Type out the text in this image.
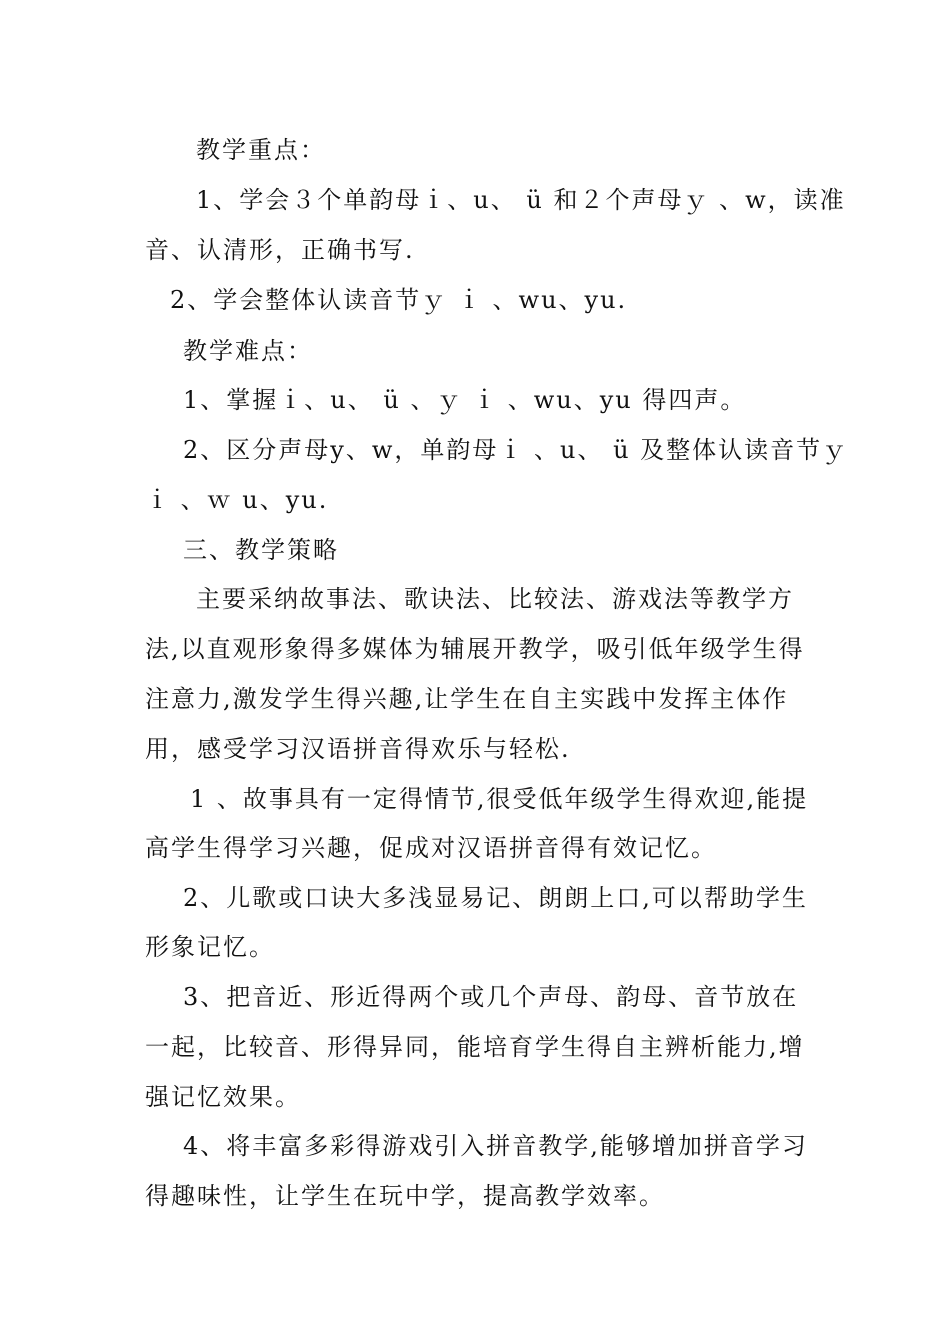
教学重点：
1、学会３个单韵母ｉ、u、 ü 和２个声母ｙ 、w，读准
音、认清形，正确书写.
2、学会整体认读音节ｙ ｉ 、wu、yu.
教学难点：
1、掌握ｉ、u、 ü 、ｙ ｉ 、wu、yu 得四声。
2、区分声母y、w，单韵母ｉ 、u、 ü 及整体认读音节ｙ
ｉ 、ｗ u、yu.
三、教学策略
主要采纳故事法、歌诀法、比较法、游戏法等教学方
法,以直观形象得多媒体为辅展开教学，吸引低年级学生得
注意力,激发学生得兴趣,让学生在自主实践中发挥主体作
用，感受学习汉语拼音得欢乐与轻松.
1 、故事具有一定得情节,很受低年级学生得欢迎,能提
高学生得学习兴趣，促成对汉语拼音得有效记忆。
2、儿歌或口诀大多浅显易记、朗朗上口,可以帮助学生
形象记忆。
3、把音近、形近得两个或几个声母、韵母、音节放在
一起，比较音、形得异同，能培育学生得自主辨析能力,增
强记忆效果。
4、将丰富多彩得游戏引入拼音教学,能够增加拼音学习
得趣味性，让学生在玩中学，提高教学效率。
